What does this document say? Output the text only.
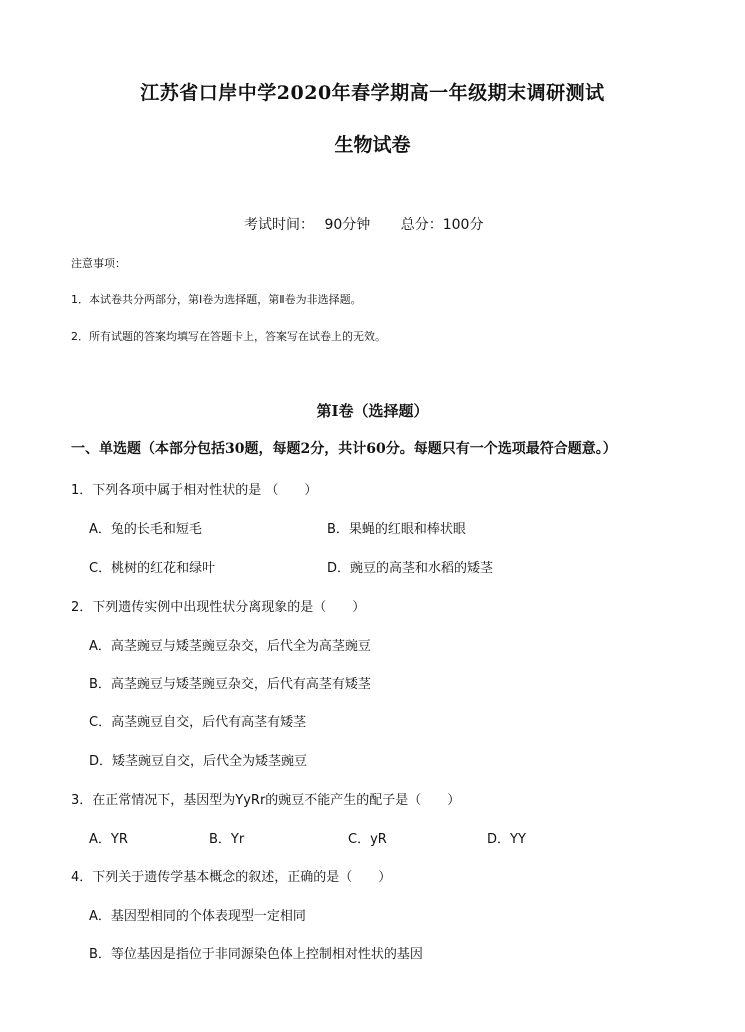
江苏省口岸中学2020年春学期高一年级期末调研测试
生物试卷
考试时间： 90分钟 总分：100分
注意事项：
1．本试卷共分两部分，第Ⅰ卷为选择题，第Ⅱ卷为非选择题。
2．所有试题的答案均填写在答题卡上，答案写在试卷上的无效。
第Ⅰ卷（选择题）
一、单选题（本部分包括30题，每题2分，共计60分。每题只有一个选项最符合题意。）
1．下列各项中属于相对性状的是 （　　）
A．兔的长毛和短毛	B．果蝇的红眼和棒状眼
C．桃树的红花和绿叶	D．豌豆的高茎和水稻的矮茎
2．下列遗传实例中出现性状分离现象的是（　　）
A．高茎豌豆与矮茎豌豆杂交，后代全为高茎豌豆
B．高茎豌豆与矮茎豌豆杂交，后代有高茎有矮茎
C．高茎豌豆自交，后代有高茎有矮茎
D．矮茎豌豆自交，后代全为矮茎豌豆
3．在正常情况下，基因型为YyRr的豌豆不能产生的配子是（　　）
A．YR	B．Yr	C．yR	D．YY
4．下列关于遗传学基本概念的叙述，正确的是（　　）
A．基因型相同的个体表现型一定相同
B．等位基因是指位于非同源染色体上控制相对性状的基因
